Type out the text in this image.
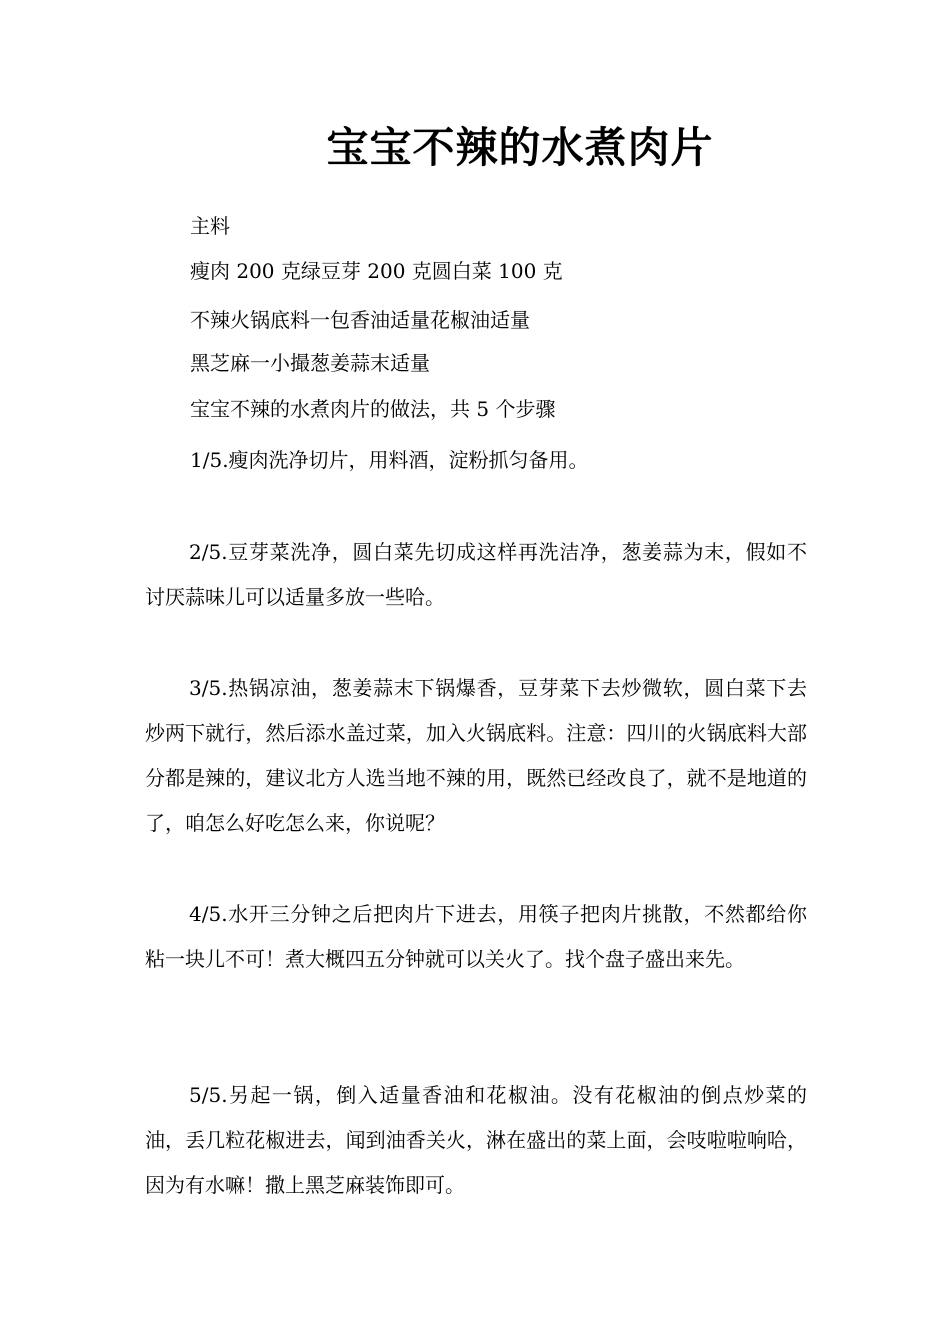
宝宝不辣的水煮肉片
主料
瘦肉 200 克绿豆芽 200 克圆白菜 100 克
不辣火锅底料一包香油适量花椒油适量
黑芝麻一小撮葱姜蒜末适量
宝宝不辣的水煮肉片的做法，共 5 个步骤
1/5.瘦肉洗净切片，用料酒，淀粉抓匀备用。

2/5.豆芽菜洗净，圆白菜先切成这样再洗洁净，葱姜蒜为末，假如不讨厌蒜味儿可以适量多放一些哈。

3/5.热锅凉油，葱姜蒜末下锅爆香，豆芽菜下去炒微软，圆白菜下去炒两下就行，然后添水盖过菜，加入火锅底料。注意：四川的火锅底料大部分都是辣的，建议北方人选当地不辣的用，既然已经改良了，就不是地道的了，咱怎么好吃怎么来，你说呢？

4/5.水开三分钟之后把肉片下进去，用筷子把肉片挑散，不然都给你粘一块儿不可！煮大概四五分钟就可以关火了。找个盘子盛出来先。

5/5.另起一锅，倒入适量香油和花椒油。没有花椒油的倒点炒菜的油，丢几粒花椒进去，闻到油香关火，淋在盛出的菜上面，会吱啦啦响哈，因为有水嘛！撒上黑芝麻装饰即可。
